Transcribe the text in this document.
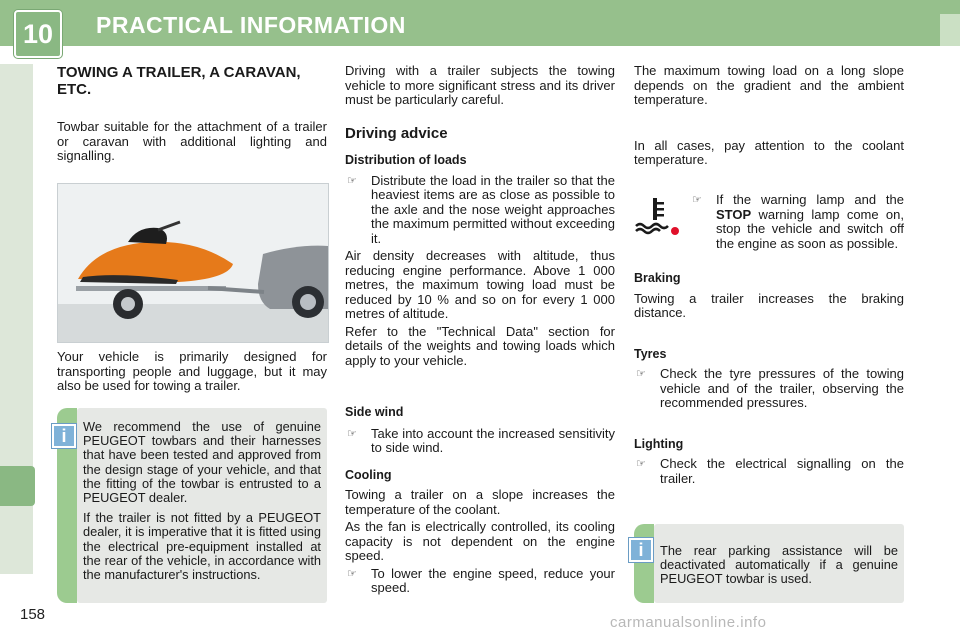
10	PRACTICAL INFORMATION
158
TOWING A TRAILER, A CARAVAN, ETC.

Towbar suitable for the attachment of a trailer or caravan with additional lighting and signalling.

Your vehicle is primarily designed for transporting people and luggage, but it may also be used for towing a trailer.

i	We recommend the use of genuine PEUGEOT towbars and their harnesses that have been tested and approved from the design stage of your vehicle, and that the fitting of the towbar is entrusted to a PEUGEOT dealer.

If the trailer is not fitted by a PEUGEOT dealer, it is imperative that it is fitted using the electrical pre-equipment installed at the rear of the vehicle, in accordance with the manufacturer's instructions.

Driving with a trailer subjects the towing vehicle to more significant stress and its driver must be particularly careful.

Driving advice
Distribution of loads
☞	Distribute the load in the trailer so that the heaviest items are as close as possible to the axle and the nose weight approaches the maximum permitted without exceeding it.

Air density decreases with altitude, thus reducing engine performance. Above 1 000 metres, the maximum towing load must be reduced by 10 % and so on for every 1 000 metres of altitude.

Refer to the "Technical Data" section for details of the weights and towing loads which apply to your vehicle.

Side wind
☞	Take into account the increased sensitivity to side wind.
Cooling

Towing a trailer on a slope increases the temperature of the coolant.

As the fan is electrically controlled, its cooling capacity is not dependent on the engine speed.

☞	To lower the engine speed, reduce your speed.

The maximum towing load on a long slope depends on the gradient and the ambient temperature.

In all cases, pay attention to the coolant temperature.

☞	If the warning lamp and the STOP warning lamp come on, stop the vehicle and switch off the engine as soon as possible.
Braking

Towing a trailer increases the braking distance.

Tyres
☞	Check the tyre pressures of the towing vehicle and of the trailer, observing the recommended pressures.
Lighting
☞	Check the electrical signalling on the trailer.
i	The rear parking assistance will be deactivated automatically if a genuine PEUGEOT towbar is used.

carmanualsonline.info
